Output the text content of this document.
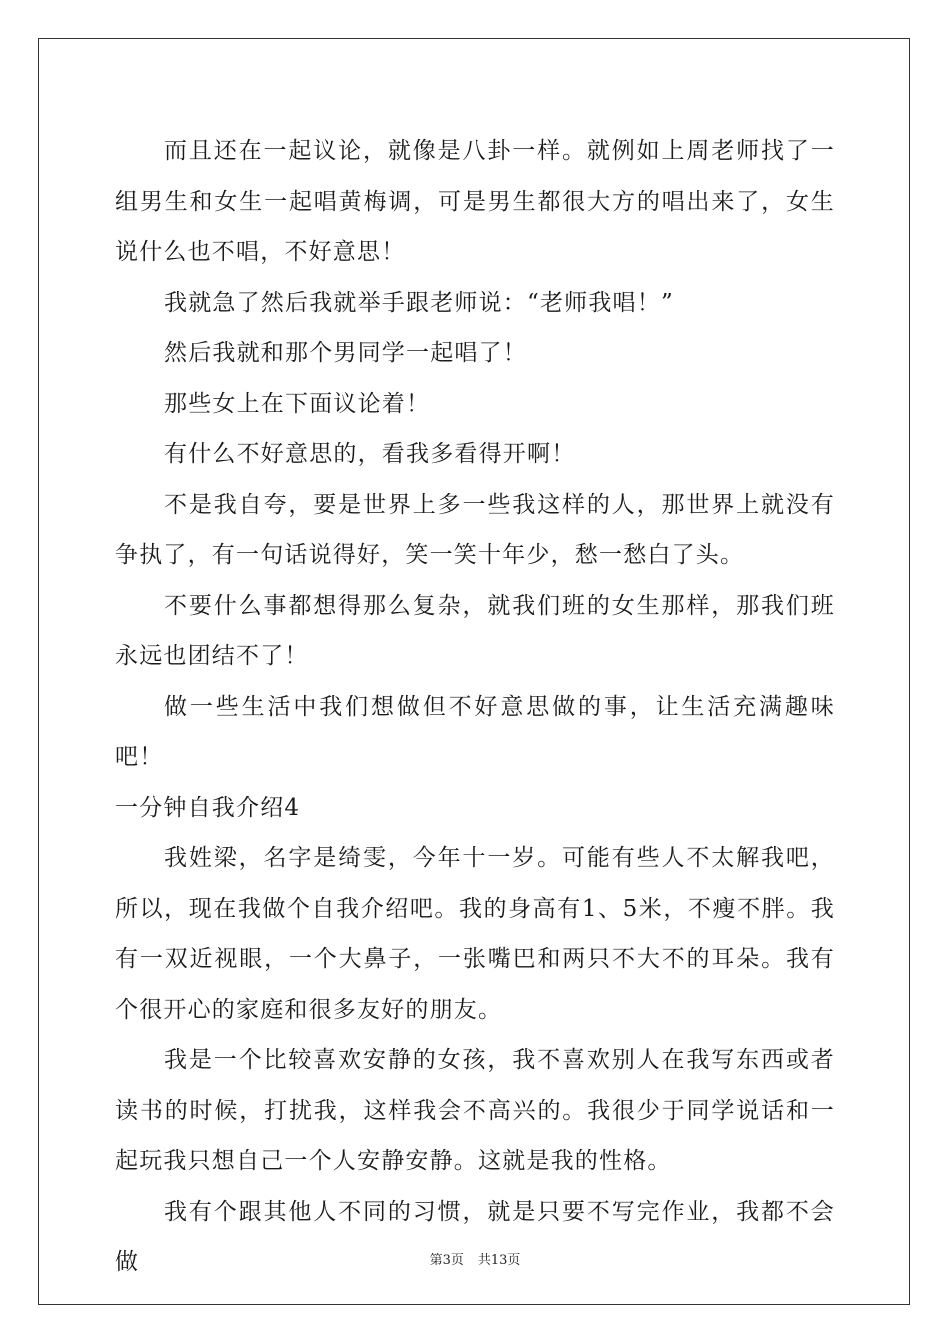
而且还在一起议论，就像是八卦一样。就例如上周老师找了一组男生和女生一起唱黄梅调，可是男生都很大方的唱出来了，女生说什么也不唱，不好意思！

我就急了然后我就举手跟老师说：“老师我唱！”

然后我就和那个男同学一起唱了！

那些女上在下面议论着！

有什么不好意思的，看我多看得开啊！

不是我自夸，要是世界上多一些我这样的人，那世界上就没有争执了，有一句话说得好，笑一笑十年少，愁一愁白了头。

不要什么事都想得那么复杂，就我们班的女生那样，那我们班永远也团结不了！

做一些生活中我们想做但不好意思做的事，让生活充满趣味吧！

一分钟自我介绍4

我姓梁，名字是绮雯，今年十一岁。可能有些人不太解我吧，所以，现在我做个自我介绍吧。我的身高有1、5米，不瘦不胖。我有一双近视眼，一个大鼻子，一张嘴巴和两只不大不的耳朵。我有个很开心的家庭和很多友好的朋友。

我是一个比较喜欢安静的女孩，我不喜欢别人在我写东西或者读书的时候，打扰我，这样我会不高兴的。我很少于同学说话和一起玩我只想自己一个人安静安静。这就是我的性格。

我有个跟其他人不同的习惯，就是只要不写完作业，我都不会做	第3页 共13页
